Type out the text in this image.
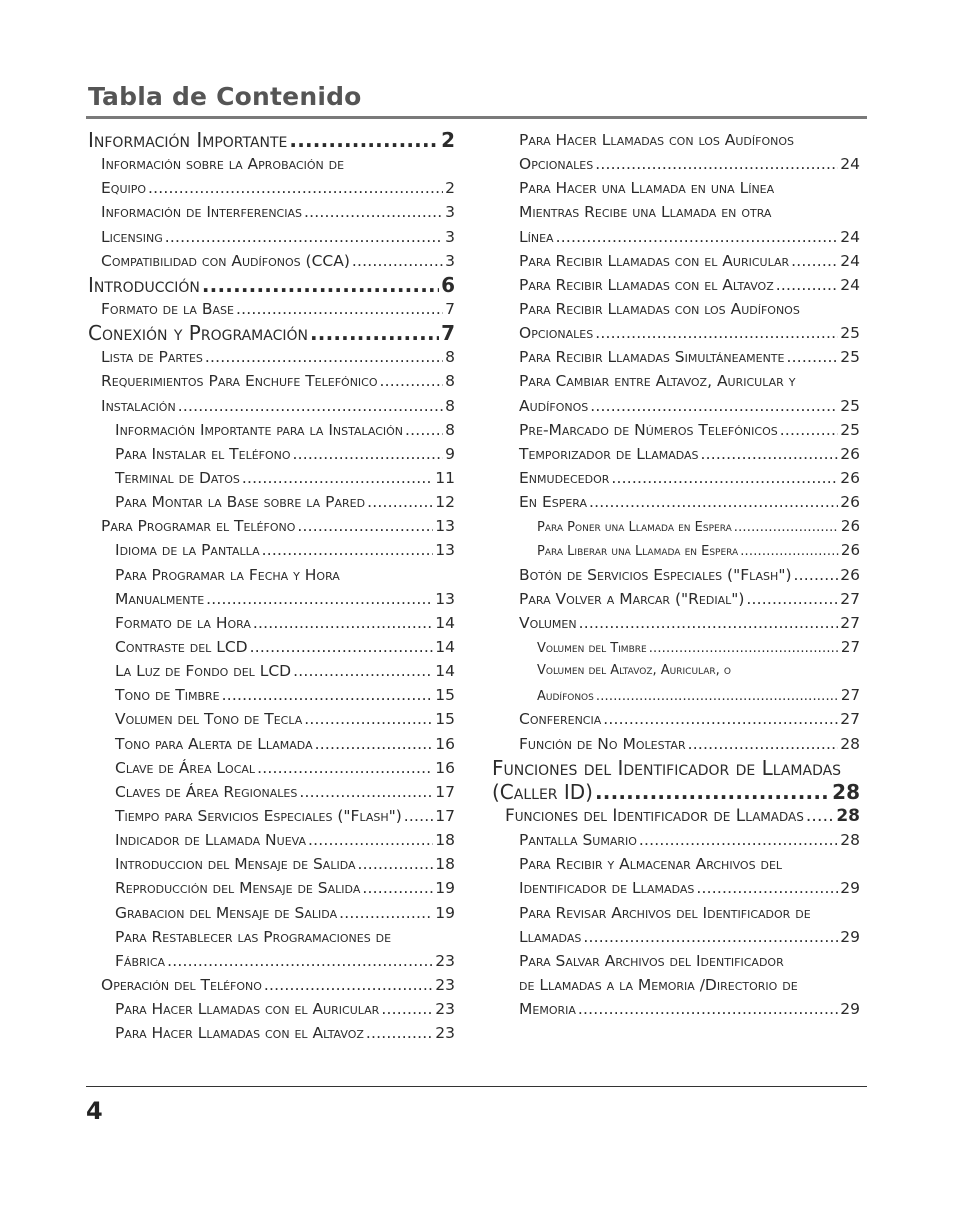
Tabla de Contenido
Información Importante .....	2
Información sobre la Aprobación de
Equipo .....	2
Información de Interferencias .....	3
Licensing .....	3
Compatibilidad con Audífonos (CCA) .....	3
Introducción .....	6
Formato de la Base .....	7
Conexión y Programación .....	7
Lista de Partes .....	8
Requerimientos Para Enchufe Telefónico .....	8
Instalación .....	8
Información Importante para la Instalación .....	8
Para Instalar el Teléfono .....	9
Terminal de Datos .....	11
Para Montar la Base sobre la Pared .....	12
Para Programar el Teléfono .....	13
Idioma de la Pantalla .....	13
Para Programar la Fecha y Hora
Manualmente .....	13
Formato de la Hora .....	14
Contraste del LCD .....	14
La Luz de Fondo del LCD .....	14
Tono de Timbre .....	15
Volumen del Tono de Tecla .....	15
Tono para Alerta de Llamada .....	16
Clave de Área Local .....	16
Claves de Área Regionales .....	17
Tiempo para Servicios Especiales ("Flash") ..... 17
Indicador de Llamada Nueva .....	18
Introduccion del Mensaje de Salida .....	18
Reproducción del Mensaje de Salida .....	19
Grabacion del Mensaje de Salida .....	19
Para Restablecer las Programaciones de
Fábrica .....	23
Operación del Teléfono .....	23
Para Hacer Llamadas con el Auricular .....	23
Para Hacer Llamadas con el Altavoz .....	23
Para Hacer Llamadas con los Audífonos
Opcionales .....	24
Para Hacer una Llamada en una Línea
Mientras Recibe una Llamada en otra
Línea .....	24
Para Recibir Llamadas con el Auricular .....	24
Para Recibir Llamadas con el Altavoz .....	24
Para Recibir Llamadas con los Audífonos
Opcionales .....	25
Para Recibir Llamadas Simultáneamente .....	25
Para Cambiar entre Altavoz, Auricular y
Audífonos .....	25
Pre-Marcado de Números Telefónicos .....	25
Temporizador de Llamadas .....	26
Enmudecedor .....	26
En Espera .....	26
Para Poner una Llamada en Espera .....	26
Para Liberar una Llamada en Espera .....	26
Botón de Servicios Especiales ("Flash") .....	26
Para Volver a Marcar ("Redial") .....	27
Volumen .....	27
Volumen del Timbre .....	27
Volumen del Altavoz, Auricular, o
Audífonos .....	27
Conferencia .....	27
Función de No Molestar .....	28
Funciones del Identificador de Llamadas
(Caller ID) .....	28
Funciones del Identificador de Llamadas ..... 28
Pantalla Sumario .....	28
Para Recibir y Almacenar Archivos del
Identificador de Llamadas .....	29
Para Revisar Archivos del Identificador de
Llamadas .....	29
Para Salvar Archivos del Identificador
de Llamadas a la Memoria /Directorio de
Memoria .....	29
4
